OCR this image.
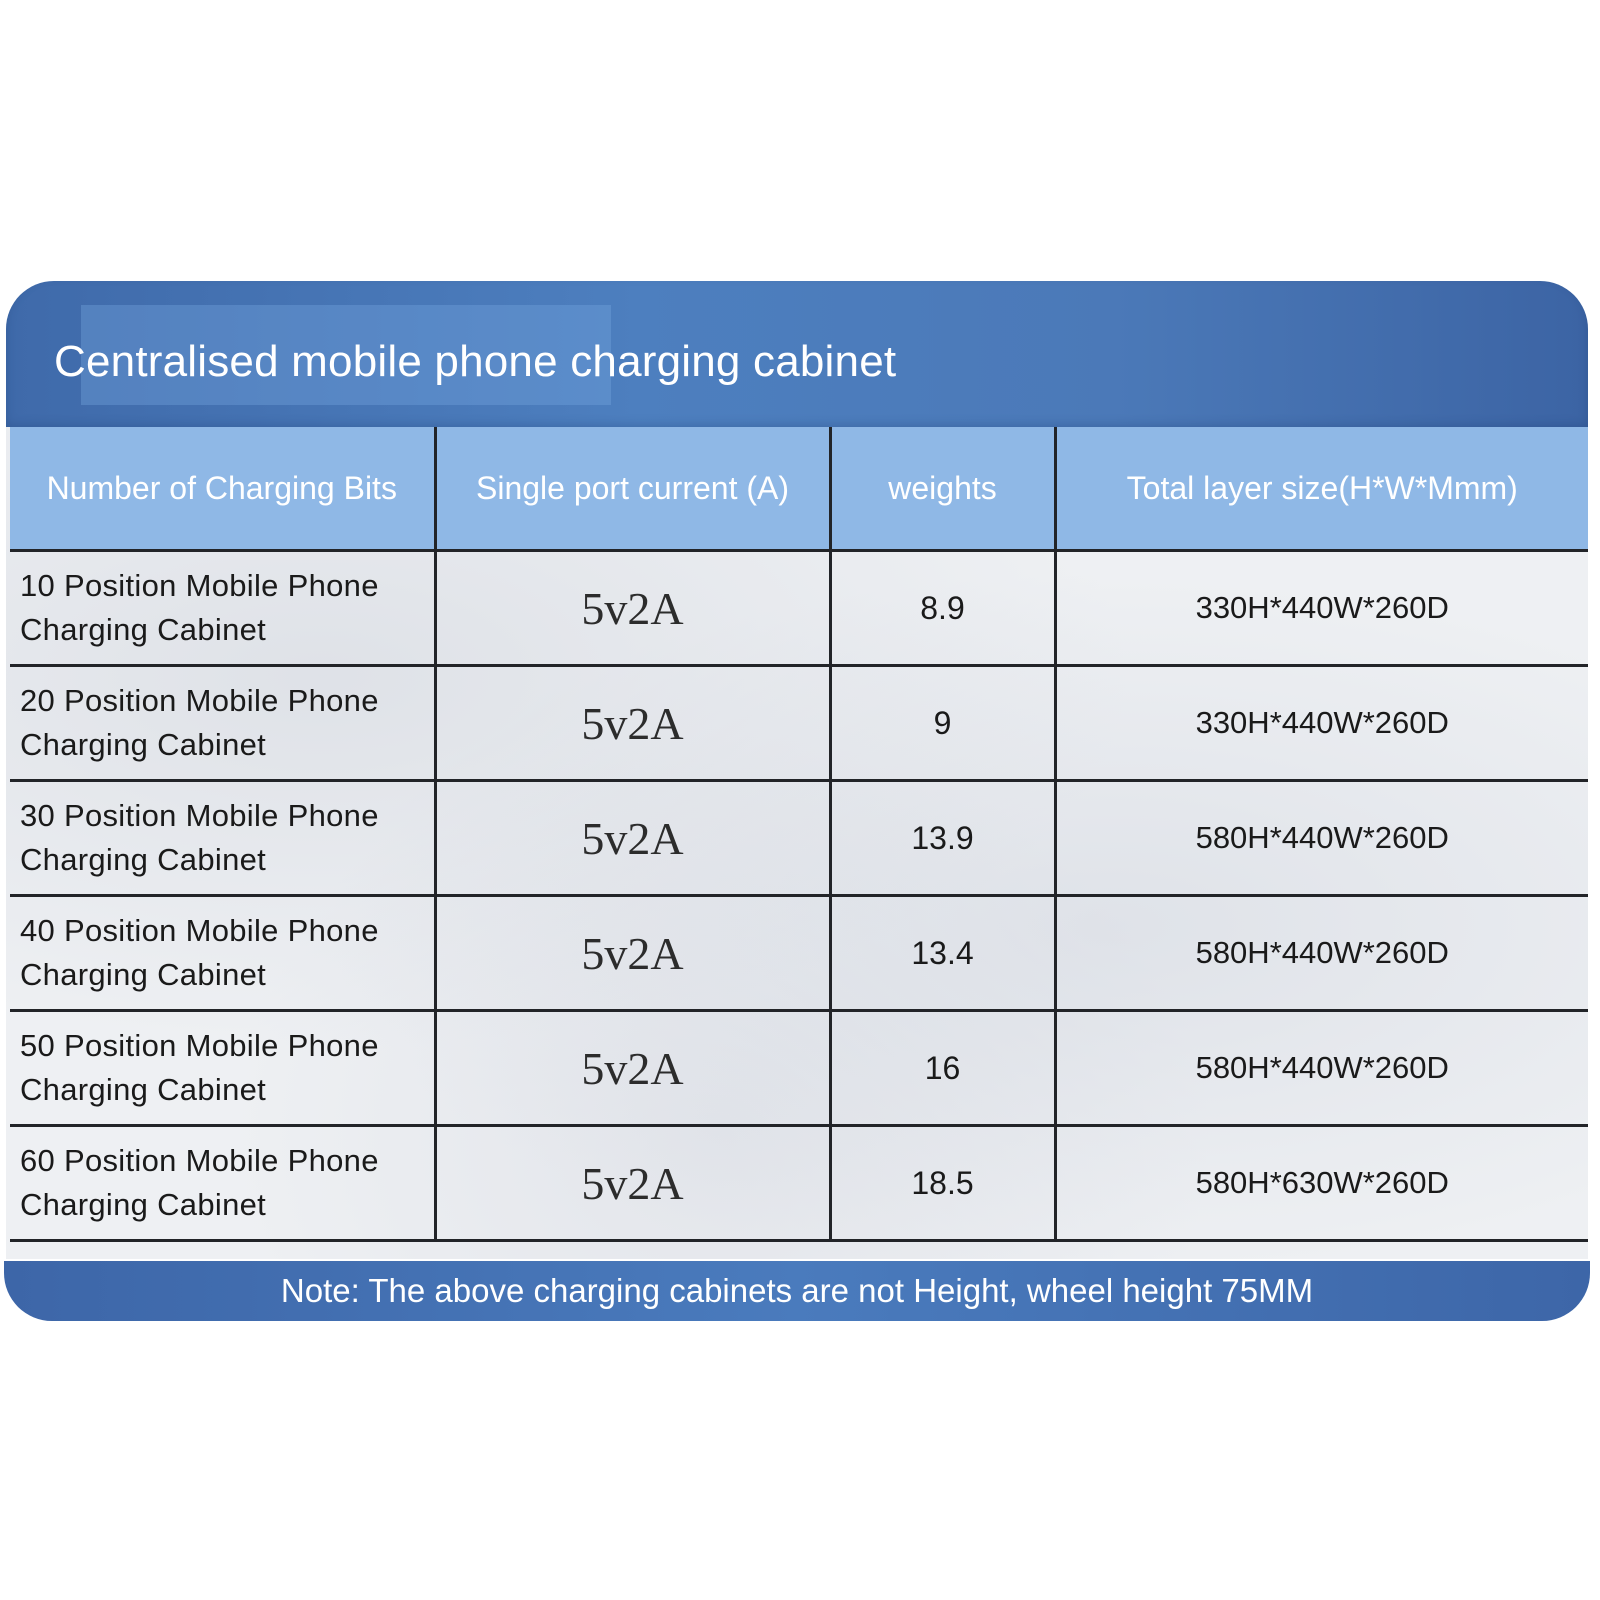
Centralised mobile phone charging cabinet
Number of Charging Bits	Single port current (A)	weights	Total layer size(H*W*Mmm)
10 Position Mobile Phone Charging Cabinet	5v2A	8.9	330H*440W*260D
20 Position Mobile Phone Charging Cabinet	5v2A	9	330H*440W*260D
30 Position Mobile Phone Charging Cabinet	5v2A	13.9	580H*440W*260D
40 Position Mobile Phone Charging Cabinet	5v2A	13.4	580H*440W*260D
50 Position Mobile Phone Charging Cabinet	5v2A	16	580H*440W*260D
60 Position Mobile Phone Charging Cabinet	5v2A	18.5	580H*630W*260D
Note: The above charging cabinets are not Height, wheel height 75MM
